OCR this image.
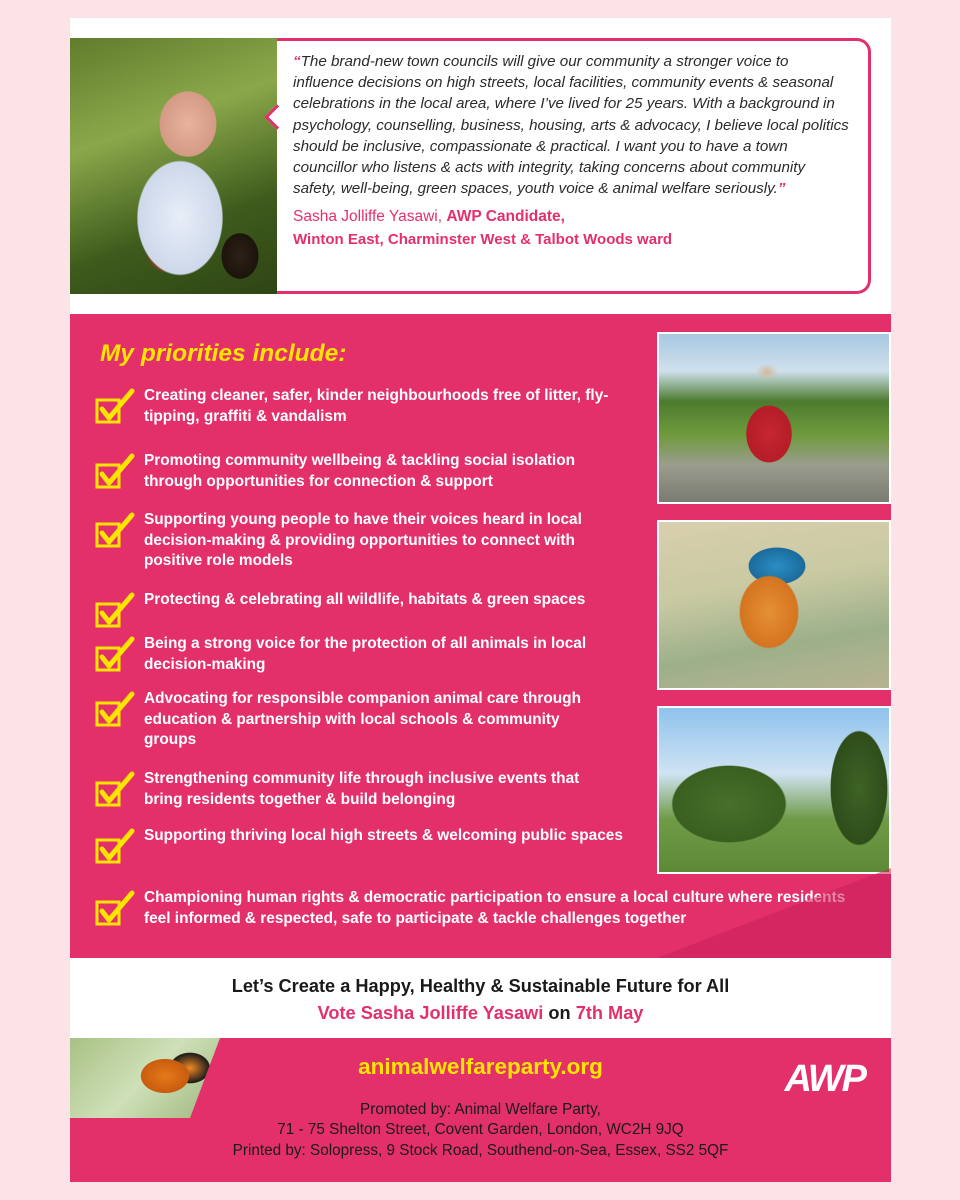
“The brand-new town councils will give our community a stronger voice to influence decisions on high streets, local facilities, community events & seasonal celebrations in the local area, where I’ve lived for 25 years. With a background in psychology, counselling, business, housing, arts & advocacy, I believe local politics should be inclusive, compassionate & practical. I want you to have a town councillor who listens & acts with integrity, taking concerns about community safety, well-being, green spaces, youth voice & animal welfare seriously.”

Sasha Jolliffe Yasawi, AWP Candidate,
Winton East, Charminster West & Talbot Woods ward
My priorities include:
Creating cleaner, safer, kinder neighbourhoods free of litter, fly-tipping, graffiti & vandalism
Promoting community wellbeing & tackling social isolation through opportunities for connection & support
Supporting young people to have their voices heard in local decision-making & providing opportunities to connect with positive role models
Protecting & celebrating all wildlife, habitats & green spaces
Being a strong voice for the protection of all animals in local decision-making
Advocating for responsible companion animal care through education & partnership with local schools & community groups
Strengthening community life through inclusive events that bring residents together & build belonging
Supporting thriving local high streets & welcoming public spaces
Championing human rights & democratic participation to ensure a local culture where residents feel informed & respected, safe to participate & tackle challenges together
Let’s Create a Happy, Healthy & Sustainable Future for All
Vote Sasha Jolliffe Yasawi on 7th May
animalwelfareparty.org	AWP
Promoted by: Animal Welfare Party,
71 - 75 Shelton Street, Covent Garden, London, WC2H 9JQ
Printed by: Solopress, 9 Stock Road, Southend-on-Sea, Essex, SS2 5QF
